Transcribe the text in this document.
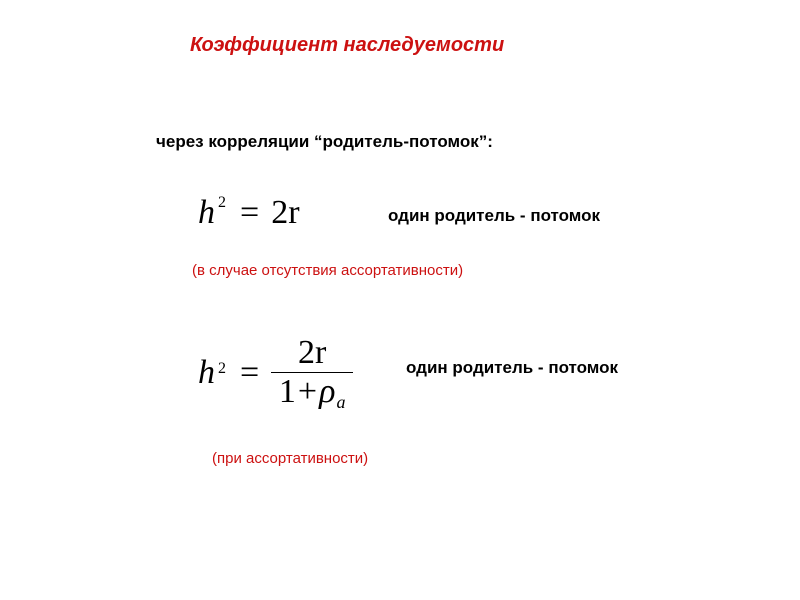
Коэффициент наследуемости
через корреляции “родитель-потомок”:
h $^2$ = 2r	один родитель - потомок
(в случае отсутствия ассортативности)
$h^2 = \frac{2r}{1+\rho a}$	один родитель - потомок
(при ассортативности)
